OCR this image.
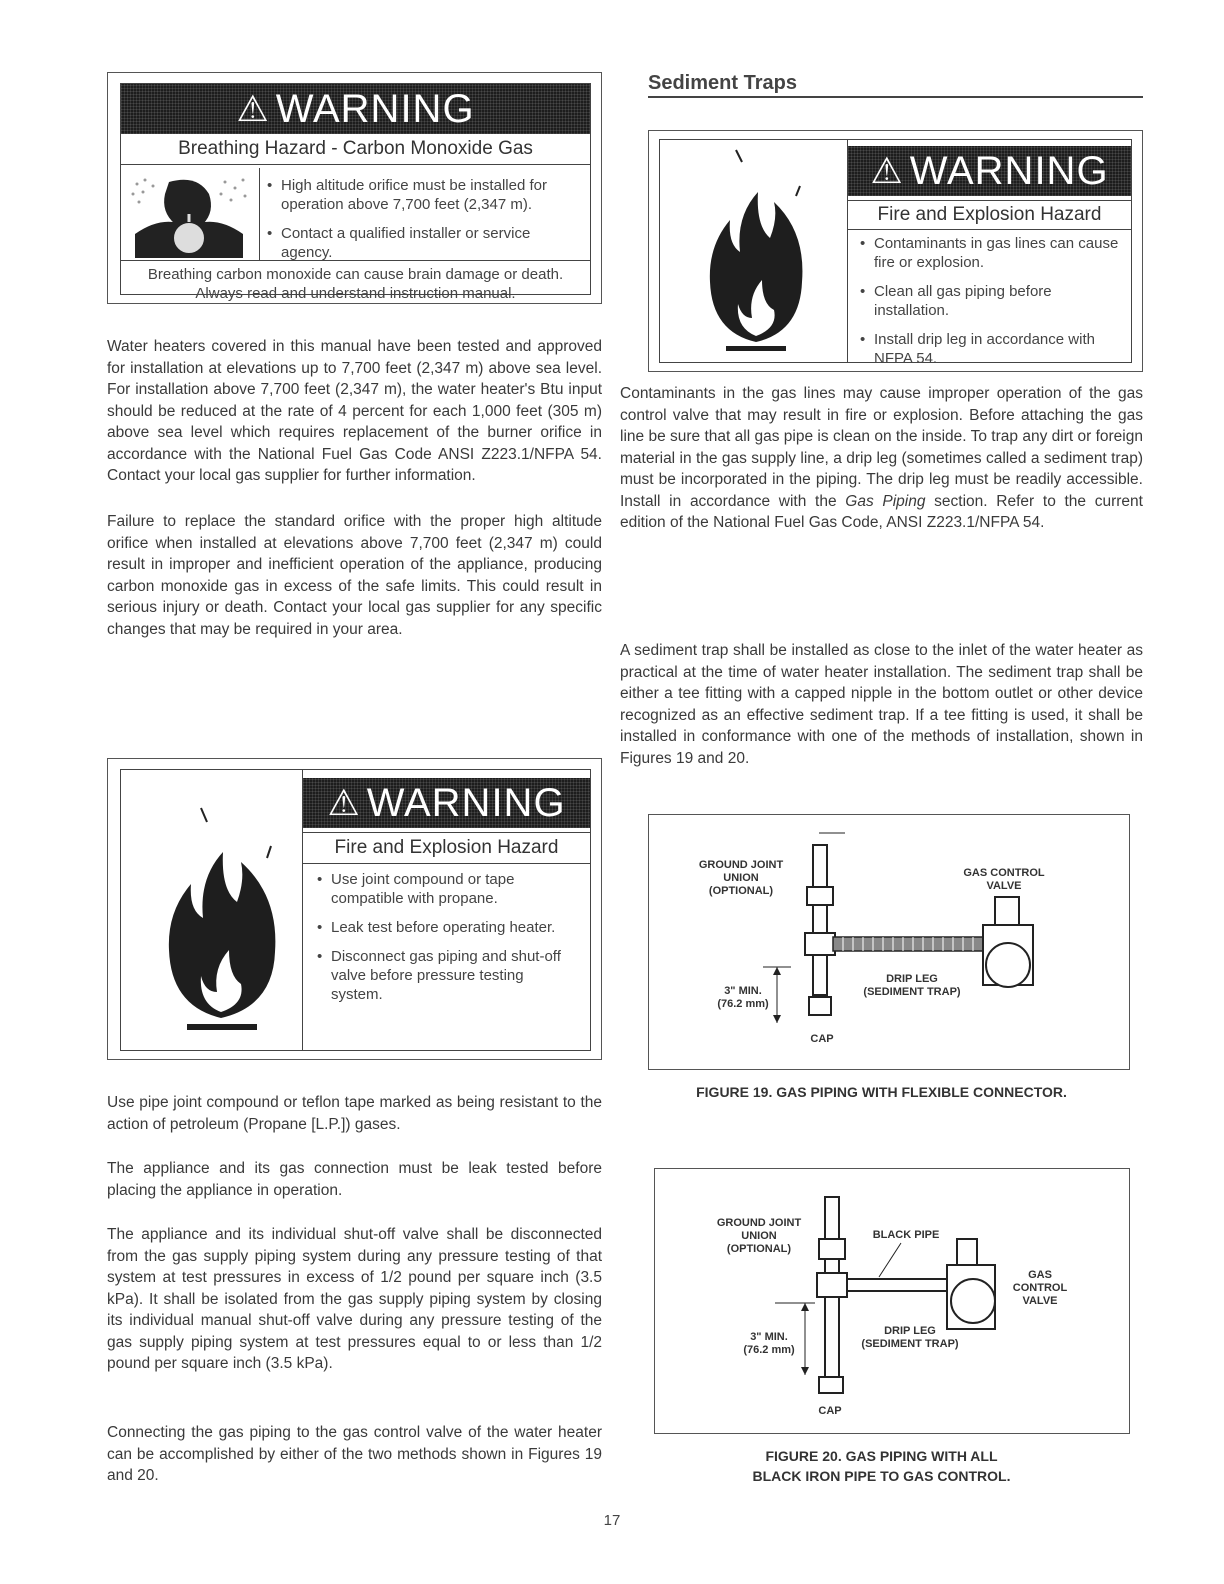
⚠ WARNING
Breathing Hazard - Carbon Monoxide Gas
• High altitude orifice must be installed for operation above 7,700 feet (2,347 m).
• Contact a qualified installer or service agency.
Breathing carbon monoxide can cause brain damage or death. Always read and understand instruction manual.

Water heaters covered in this manual have been tested and approved for installation at elevations up to 7,700 feet (2,347 m) above sea level. For installation above 7,700 feet (2,347 m), the water heater's Btu input should be reduced at the rate of 4 percent for each 1,000 feet (305 m) above sea level which requires replacement of the burner orifice in accordance with the National Fuel Gas Code ANSI Z223.1/NFPA 54. Contact your local gas supplier for further information.

Failure to replace the standard orifice with the proper high altitude orifice when installed at elevations above 7,700 feet (2,347 m) could result in improper and inefficient operation of the appliance, producing carbon monoxide gas in excess of the safe limits. This could result in serious injury or death. Contact your local gas supplier for any specific changes that may be required in your area.

⚠ WARNING
Fire and Explosion Hazard
• Use joint compound or tape compatible with propane.
• Leak test before operating heater.
• Disconnect gas piping and shut-off valve before pressure testing system.

Use pipe joint compound or teflon tape marked as being resistant to the action of petroleum (Propane [L.P.]) gases.

The appliance and its gas connection must be leak tested before placing the appliance in operation.

The appliance and its individual shut-off valve shall be disconnected from the gas supply piping system during any pressure testing of that system at test pressures in excess of 1/2 pound per square inch (3.5 kPa). It shall be isolated from the gas supply piping system by closing its individual manual shut-off valve during any pressure testing of the gas supply piping system at test pressures equal to or less than 1/2 pound per square inch (3.5 kPa).

Connecting the gas piping to the gas control valve of the water heater can be accomplished by either of the two methods shown in Figures 19 and 20.

Sediment Traps
⚠ WARNING
Fire and Explosion Hazard
• Contaminants in gas lines can cause fire or explosion.
• Clean all gas piping before installation.
• Install drip leg in accordance with NFPA 54.

Contaminants in the gas lines may cause improper operation of the gas control valve that may result in fire or explosion. Before attaching the gas line be sure that all gas pipe is clean on the inside. To trap any dirt or foreign material in the gas supply line, a drip leg (sometimes called a sediment trap) must be incorporated in the piping. The drip leg must be readily accessible. Install in accordance with the Gas Piping section. Refer to the current edition of the National Fuel Gas Code, ANSI Z223.1/NFPA 54.

A sediment trap shall be installed as close to the inlet of the water heater as practical at the time of water heater installation. The sediment trap shall be either a tee fitting with a capped nipple in the bottom outlet or other device recognized as an effective sediment trap. If a tee fitting is used, it shall be installed in conformance with one of the methods of installation, shown in Figures 19 and 20.

GROUND JOINT
UNION
(OPTIONAL)
GAS CONTROL
VALVE
DRIP LEG
(SEDIMENT TRAP)
3" MIN.
(76.2 mm)
CAP
FIGURE 19. GAS PIPING WITH FLEXIBLE CONNECTOR.
GROUND JOINT
UNION
(OPTIONAL)
BLACK PIPE
GAS
CONTROL
VALVE
DRIP LEG
(SEDIMENT TRAP)
3" MIN.
(76.2 mm)
CAP
FIGURE 20. GAS PIPING WITH ALL
BLACK IRON PIPE TO GAS CONTROL.
17
